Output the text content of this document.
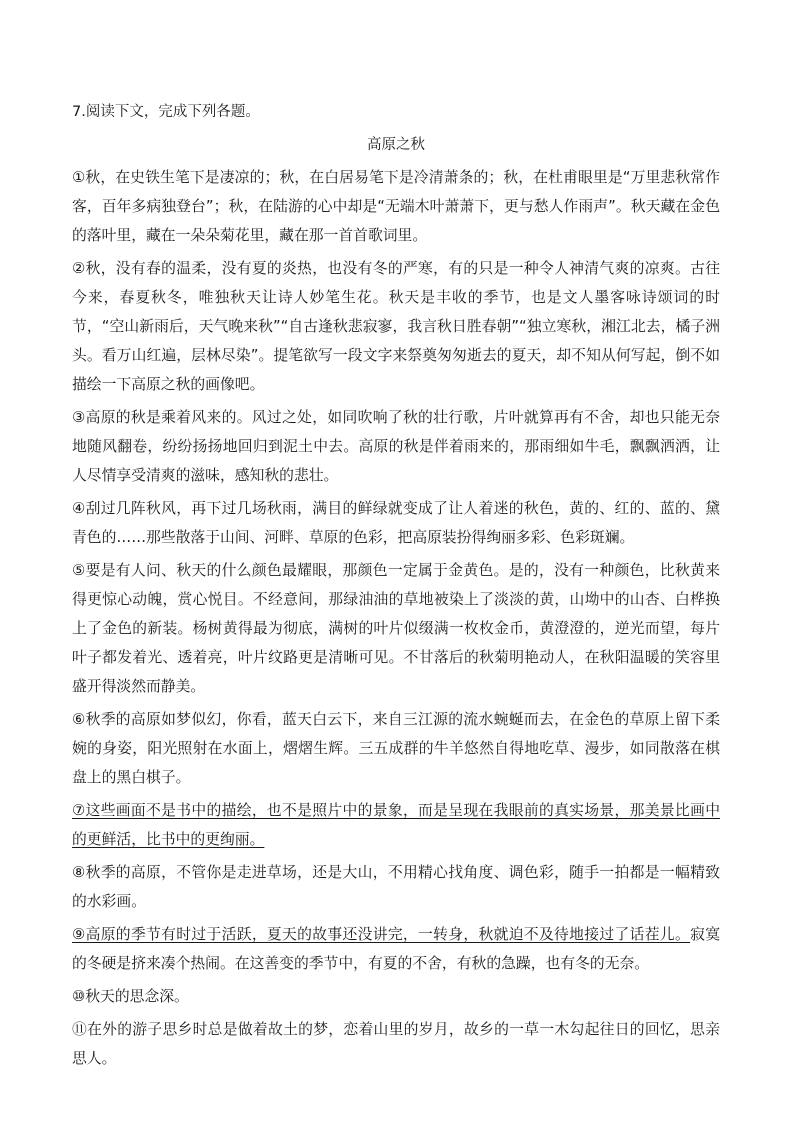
7.阅读下文，完成下列各题。
高原之秋
①秋，在史铁生笔下是凄凉的；秋，在白居易笔下是冷清萧条的；秋，在杜甫眼里是“万里悲秋常作客，百年多病独登台”；秋，在陆游的心中却是“无端木叶萧萧下，更与愁人作雨声”。秋天藏在金色的落叶里，藏在一朵朵菊花里，藏在那一首首歌词里。
②秋，没有春的温柔，没有夏的炎热，也没有冬的严寒，有的只是一种令人神清气爽的凉爽。古往今来，春夏秋冬，唯独秋天让诗人妙笔生花。秋天是丰收的季节，也是文人墨客咏诗颂词的时节，“空山新雨后，天气晚来秋”“自古逢秋悲寂寥，我言秋日胜春朝”“独立寒秋，湘江北去，橘子洲头。看万山红遍，层林尽染”。提笔欲写一段文字来祭奠匆匆逝去的夏天，却不知从何写起，倒不如描绘一下高原之秋的画像吧。
③高原的秋是乘着风来的。风过之处，如同吹响了秋的壮行歌，片叶就算再有不舍，却也只能无奈地随风翻卷，纷纷扬扬地回归到泥土中去。高原的秋是伴着雨来的，那雨细如牛毛，飘飘洒洒，让人尽情享受清爽的滋味，感知秋的悲壮。
④刮过几阵秋风，再下过几场秋雨，满目的鲜绿就变成了让人着迷的秋色，黄的、红的、蓝的、黛青色的……那些散落于山间、河畔、草原的色彩，把高原装扮得绚丽多彩、色彩斑斓。
⑤要是有人问、秋天的什么颜色最耀眼，那颜色一定属于金黄色。是的，没有一种颜色，比秋黄来得更惊心动魄，赏心悦目。不经意间，那绿油油的草地被染上了淡淡的黄，山坳中的山杏、白桦换上了金色的新装。杨树黄得最为彻底，满树的叶片似缀满一枚枚金币，黄澄澄的，逆光而望，每片叶子都发着光、透着亮，叶片纹路更是清晰可见。不甘落后的秋菊明艳动人，在秋阳温暖的笑容里盛开得淡然而静美。
⑥秋季的高原如梦似幻，你看，蓝天白云下，来自三江源的流水蜿蜒而去，在金色的草原上留下柔婉的身姿，阳光照射在水面上，熠熠生辉。三五成群的牛羊悠然自得地吃草、漫步，如同散落在棋盘上的黑白棋子。
⑦这些画面不是书中的描绘，也不是照片中的景象，而是呈现在我眼前的真实场景，那美景比画中的更鲜活，比书中的更绚丽。
⑧秋季的高原，不管你是走进草场，还是大山，不用精心找角度、调色彩，随手一拍都是一幅精致的水彩画。
⑨高原的季节有时过于活跃，夏天的故事还没讲完，一转身，秋就迫不及待地接过了话茬儿。寂寞的冬硬是挤来凑个热闹。在这善变的季节中，有夏的不舍，有秋的急躁，也有冬的无奈。
⑩秋天的思念深。
⑪在外的游子思乡时总是做着故土的梦，恋着山里的岁月，故乡的一草一木勾起往日的回忆，思亲思人。
